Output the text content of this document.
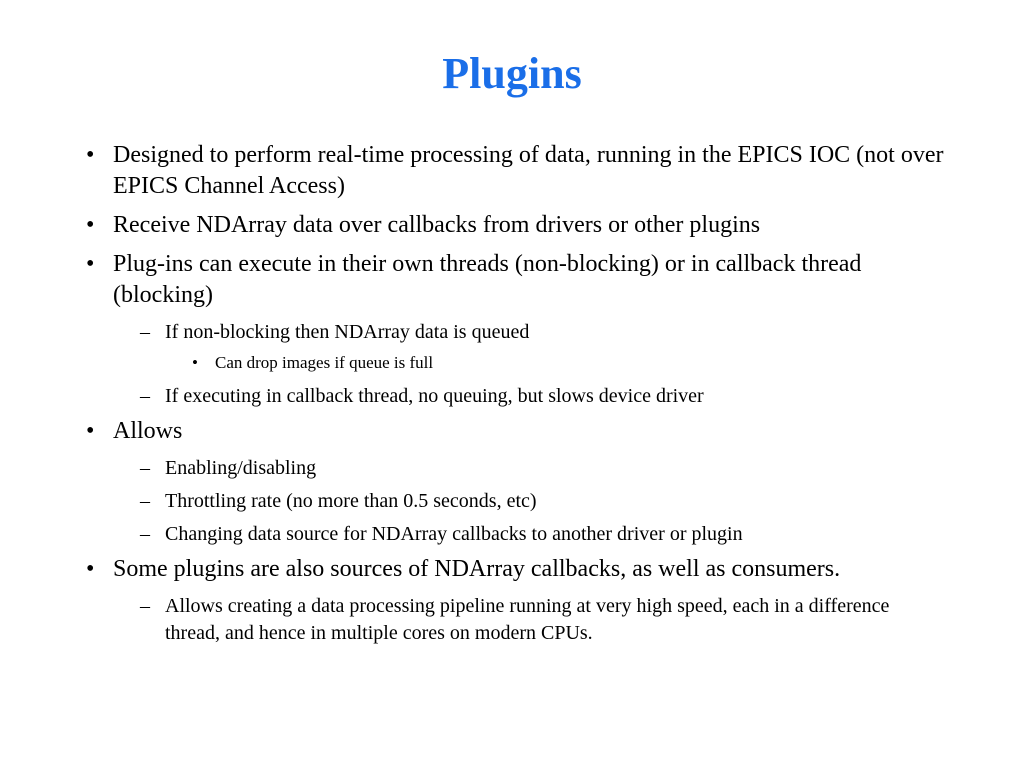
Plugins
• Designed to perform real-time processing of data, running in the EPICS IOC (not over EPICS Channel Access)
• Receive NDArray data over callbacks from drivers or other plugins
• Plug-ins can execute in their own threads (non-blocking) or in callback thread (blocking)
– If non-blocking then NDArray data is queued
• Can drop images if queue is full
– If executing in callback thread, no queuing, but slows device driver
• Allows
– Enabling/disabling
– Throttling rate (no more than 0.5 seconds, etc)
– Changing data source for NDArray callbacks to another driver or plugin
• Some plugins are also sources of NDArray callbacks, as well as consumers.
– Allows creating a data processing pipeline running at very high speed, each in a difference thread, and hence in multiple cores on modern CPUs.
